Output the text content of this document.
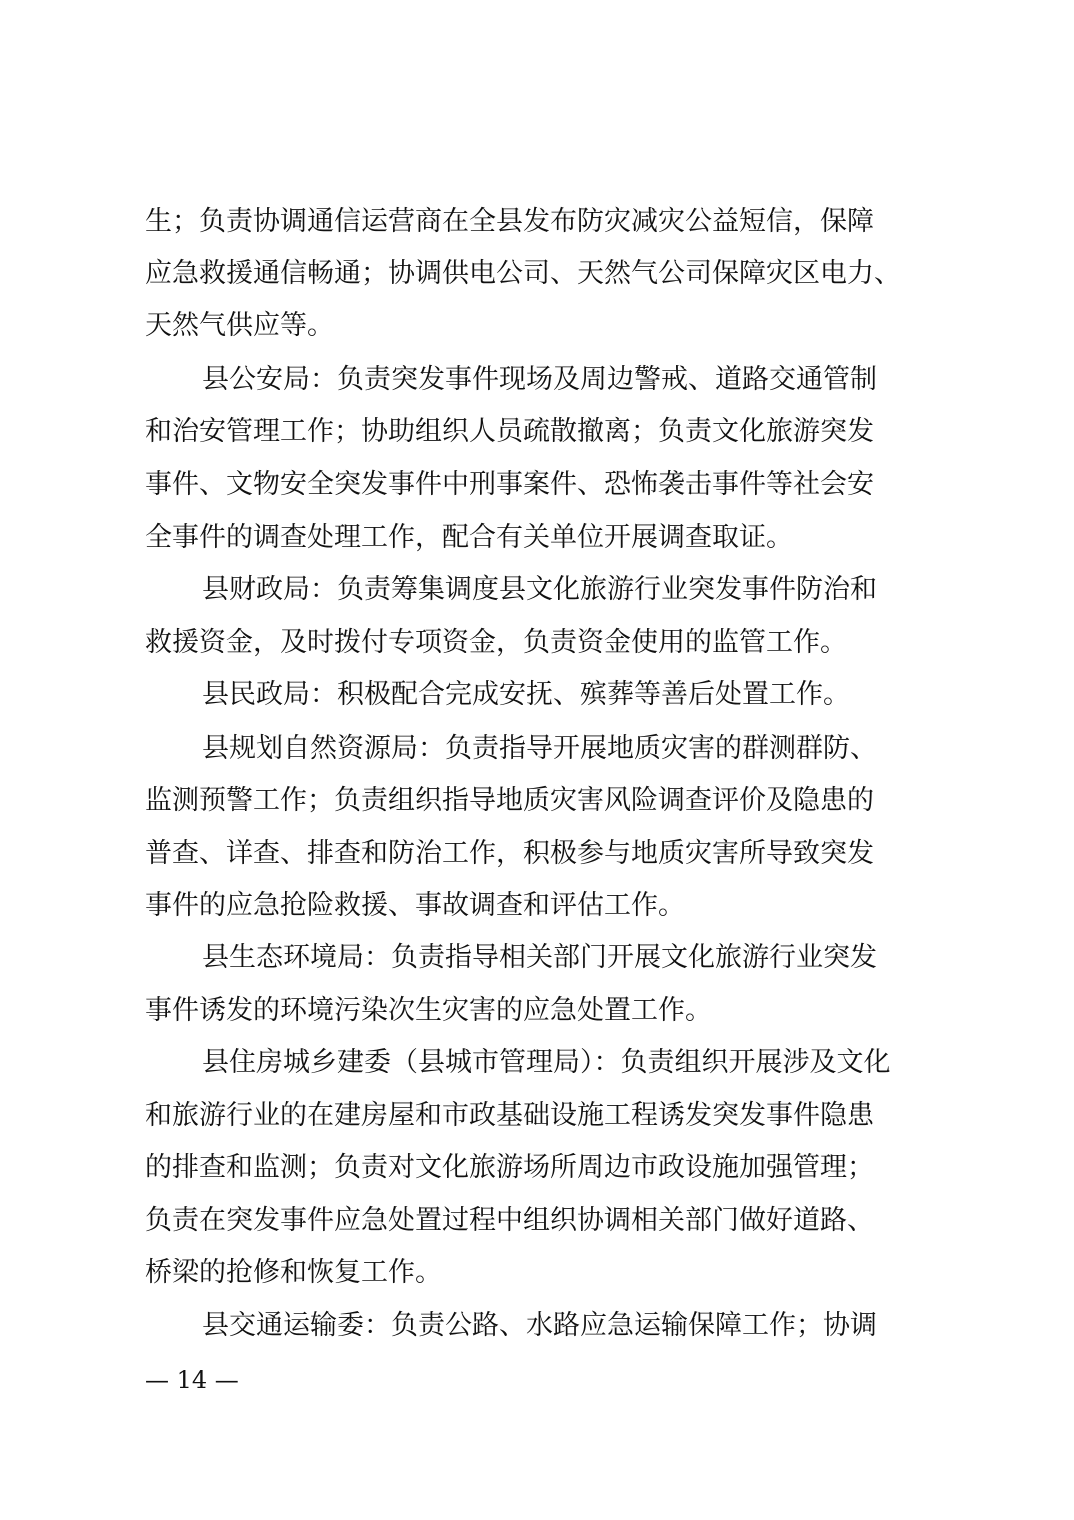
生；负责协调通信运营商在全县发布防灾减灾公益短信，保障
应急救援通信畅通；协调供电公司、天然气公司保障灾区电力、
天然气供应等。
县公安局：负责突发事件现场及周边警戒、道路交通管制
和治安管理工作；协助组织人员疏散撤离；负责文化旅游突发
事件、文物安全突发事件中刑事案件、恐怖袭击事件等社会安
全事件的调查处理工作，配合有关单位开展调查取证。
县财政局：负责筹集调度县文化旅游行业突发事件防治和
救援资金，及时拨付专项资金，负责资金使用的监管工作。
县民政局：积极配合完成安抚、殡葬等善后处置工作。
县规划自然资源局：负责指导开展地质灾害的群测群防、
监测预警工作；负责组织指导地质灾害风险调查评价及隐患的
普查、详查、排查和防治工作，积极参与地质灾害所导致突发
事件的应急抢险救援、事故调查和评估工作。
县生态环境局：负责指导相关部门开展文化旅游行业突发
事件诱发的环境污染次生灾害的应急处置工作。
县住房城乡建委（县城市管理局）：负责组织开展涉及文化
和旅游行业的在建房屋和市政基础设施工程诱发突发事件隐患
的排查和监测；负责对文化旅游场所周边市政设施加强管理；
负责在突发事件应急处置过程中组织协调相关部门做好道路、
桥梁的抢修和恢复工作。
县交通运输委：负责公路、水路应急运输保障工作；协调
— 14 —
